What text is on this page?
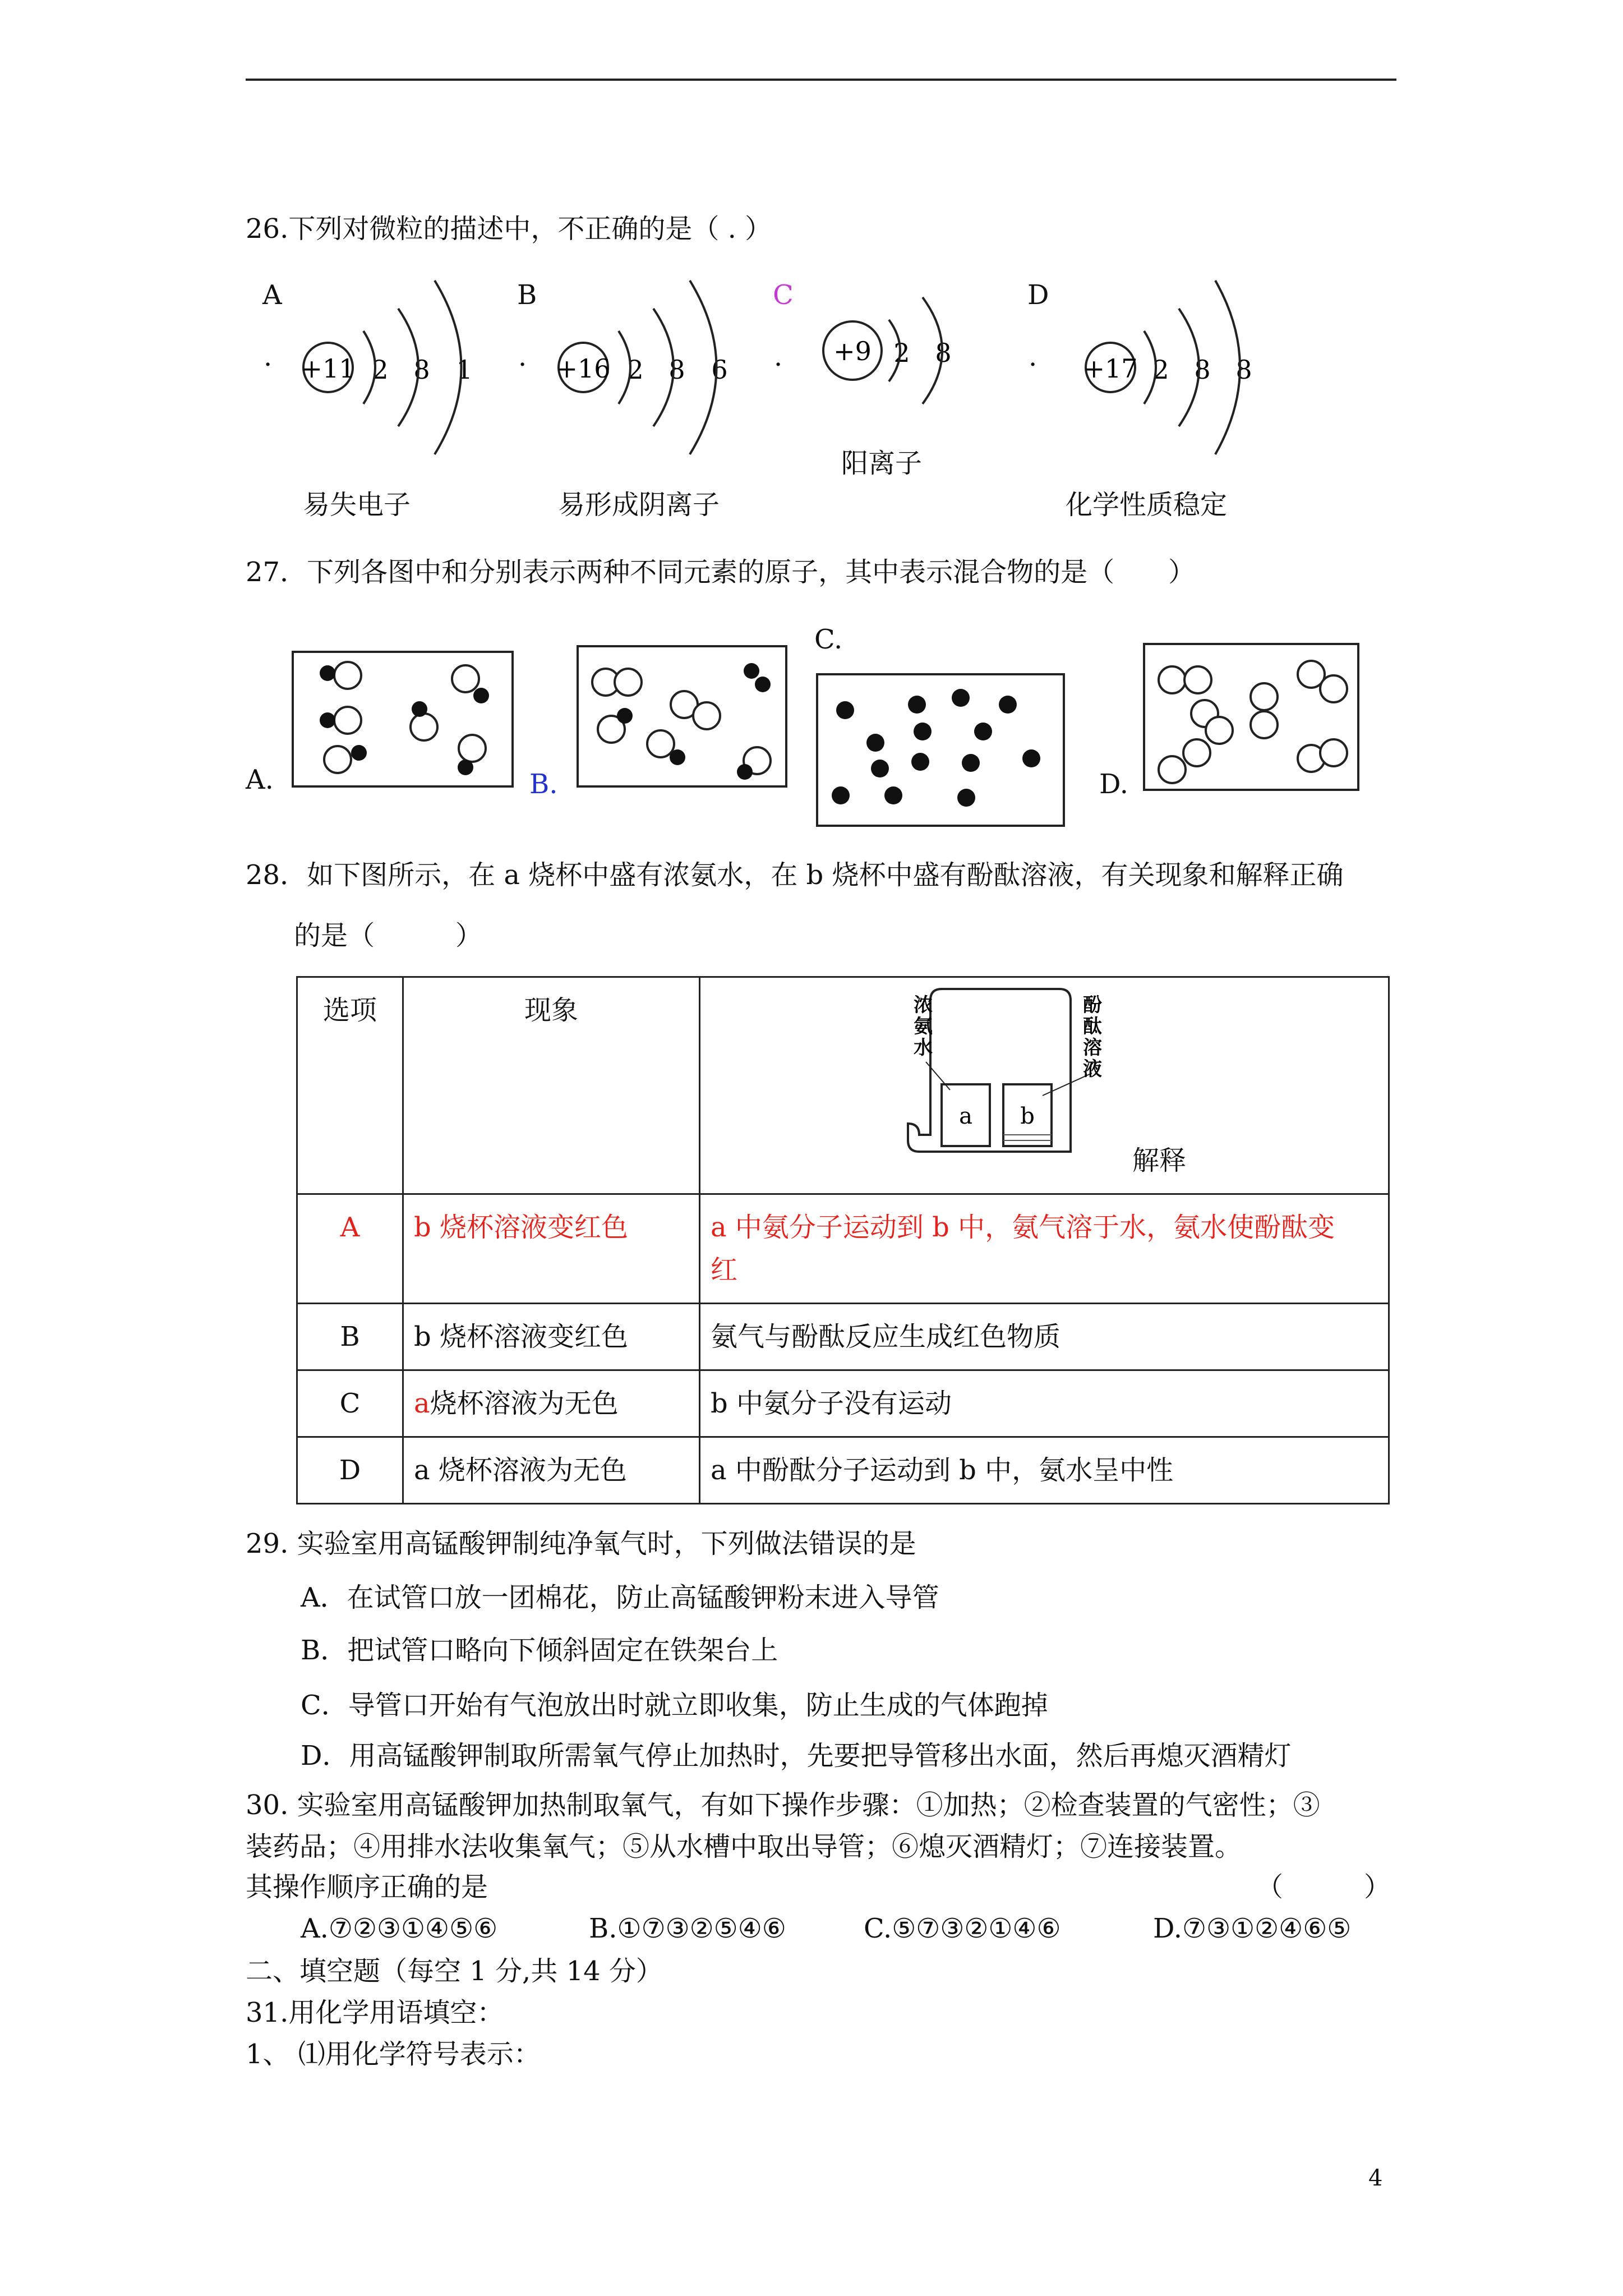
26.下列对微粒的描述中，不正确的是（ . ）
A
· +11 2 8 1
易失电子
B
· +16 2 8 6
易形成阴离子
C
· +9 2 8
阳离子
D
· +17 2 8 8
化学性质稳定
27．下列各图中和分别表示两种不同元素的原子，其中表示混合物的是（　　）
A.	B.
C.
D.
28．如下图所示，在 a 烧杯中盛有浓氨水，在 b 烧杯中盛有酚酞溶液，有关现象和解释正确
的是（　　　）
选项	现象	a b
浓氨水
酚酞溶液
解释

A	b 烧杯溶液变红色	a 中氨分子运动到 b 中，氨气溶于水，氨水使酚酞变
红
B	b 烧杯溶液变红色	氨气与酚酞反应生成红色物质
C	a烧杯溶液为无色	b 中氨分子没有运动
D	a 烧杯溶液为无色	a 中酚酞分子运动到 b 中，氨水呈中性
29. 实验室用高锰酸钾制纯净氧气时，下列做法错误的是
A．在试管口放一团棉花，防止高锰酸钾粉末进入导管
B．把试管口略向下倾斜固定在铁架台上
C．导管口开始有气泡放出时就立即收集，防止生成的气体跑掉
D．用高锰酸钾制取所需氧气停止加热时，先要把导管移出水面，然后再熄灭酒精灯
30. 实验室用高锰酸钾加热制取氧气，有如下操作步骤：①加热；②检查装置的气密性；③
装药品；④用排水法收集氧气；⑤从水槽中取出导管；⑥熄灭酒精灯；⑦连接装置。
其操作顺序正确的是	（　　　）
A.⑦②③①④⑤⑥	B.①⑦③②⑤④⑥	C.⑤⑦③②①④⑥	D.⑦③①②④⑥⑤
二、填空题（每空 1 分,共 14 分）
31.用化学用语填空：
1、 ⑴用化学符号表示：
4
